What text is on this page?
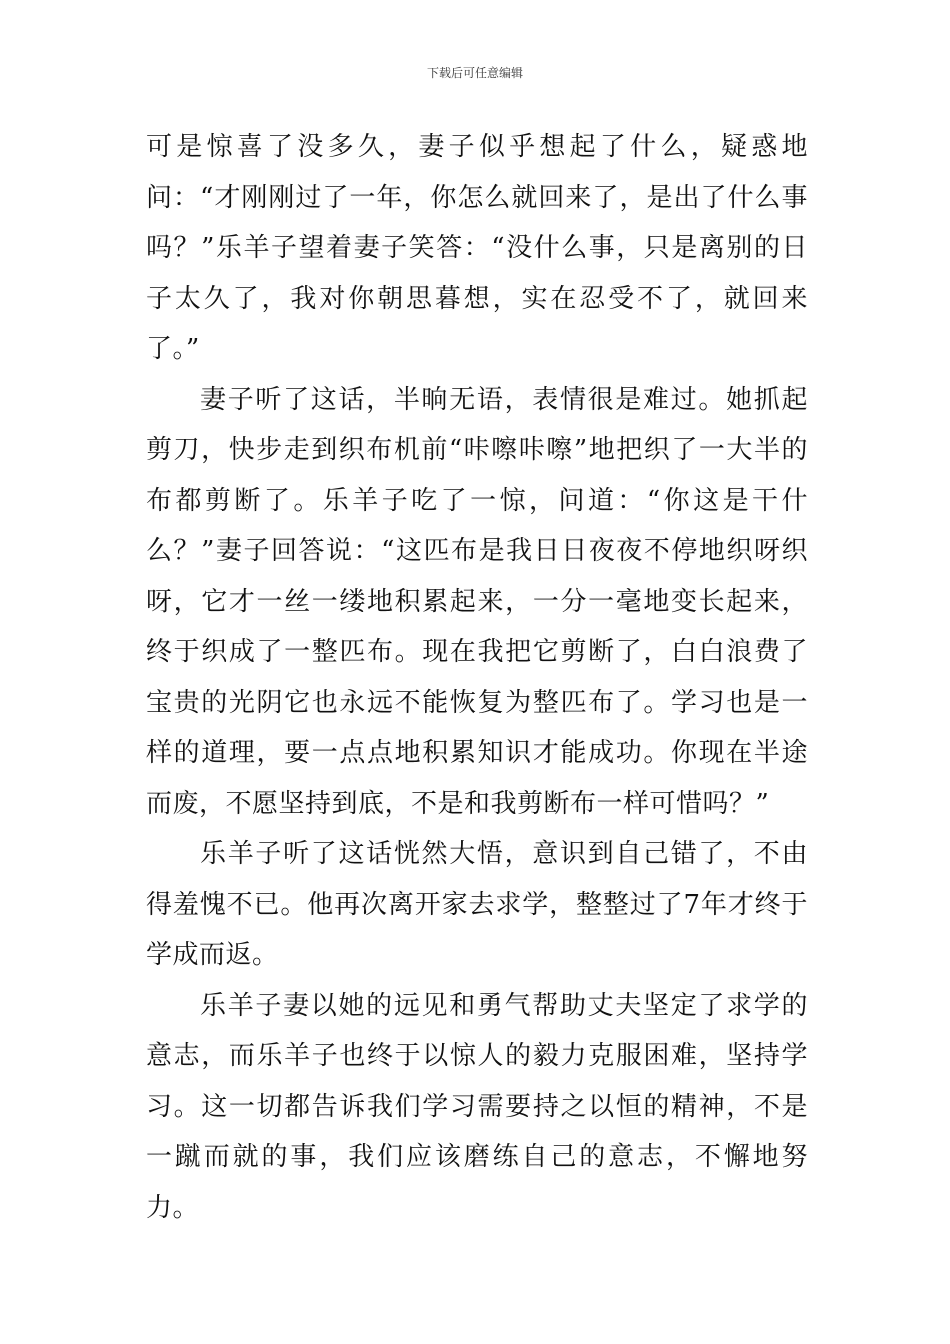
下载后可任意编辑

可是惊喜了没多久，妻子似乎想起了什么，疑惑地问：“才刚刚过了一年，你怎么就回来了，是出了什么事吗？”乐羊子望着妻子笑答：“没什么事，只是离别的日子太久了，我对你朝思暮想，实在忍受不了，就回来了。”

妻子听了这话，半晌无语，表情很是难过。她抓起剪刀，快步走到织布机前“咔嚓咔嚓”地把织了一大半的布都剪断了。乐羊子吃了一惊，问道：“你这是干什么？”妻子回答说：“这匹布是我日日夜夜不停地织呀织呀，它才一丝一缕地积累起来，一分一毫地变长起来，终于织成了一整匹布。现在我把它剪断了，白白浪费了宝贵的光阴它也永远不能恢复为整匹布了。学习也是一样的道理，要一点点地积累知识才能成功。你现在半途而废，不愿坚持到底，不是和我剪断布一样可惜吗？”

乐羊子听了这话恍然大悟，意识到自己错了，不由得羞愧不已。他再次离开家去求学，整整过了7年才终于学成而返。

乐羊子妻以她的远见和勇气帮助丈夫坚定了求学的意志，而乐羊子也终于以惊人的毅力克服困难，坚持学习。这一切都告诉我们学习需要持之以恒的精神，不是一蹴而就的事，我们应该磨练自己的意志，不懈地努力。
